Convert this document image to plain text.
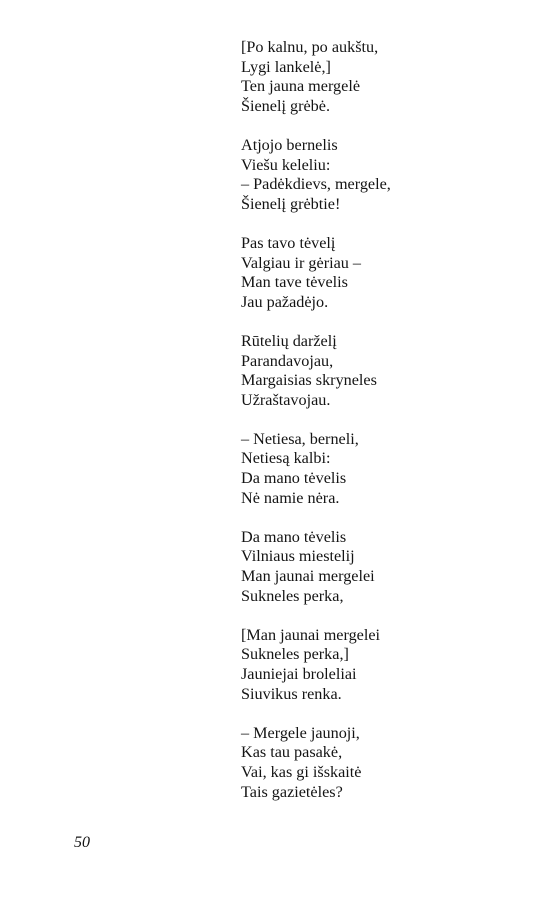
[Po kalnu, po aukštu,
Lygi lankelė,]
Ten jauna mergelė
Šienelį grėbė.
Atjojo bernelis
Viešu keleliu:
– Padėkdievs, mergele,
Šienelį grėbtie!
Pas tavo tėvelį
Valgiau ir gėriau –
Man tave tėvelis
Jau pažadėjo.
Rūtelių darželį
Parandavojau,
Margaisias skryneles
Užraštavojau.
– Netiesa, berneli,
Netiesą kalbi:
Da mano tėvelis
Nė namie nėra.
Da mano tėvelis
Vilniaus miestelij
Man jaunai mergelei
Sukneles perka,
[Man jaunai mergelei
Sukneles perka,]
Jauniejai broleliai
Siuvikus renka.
– Mergele jaunoji,
Kas tau pasakė,
Vai, kas gi išskaitė
Tais gazietėles?
50
